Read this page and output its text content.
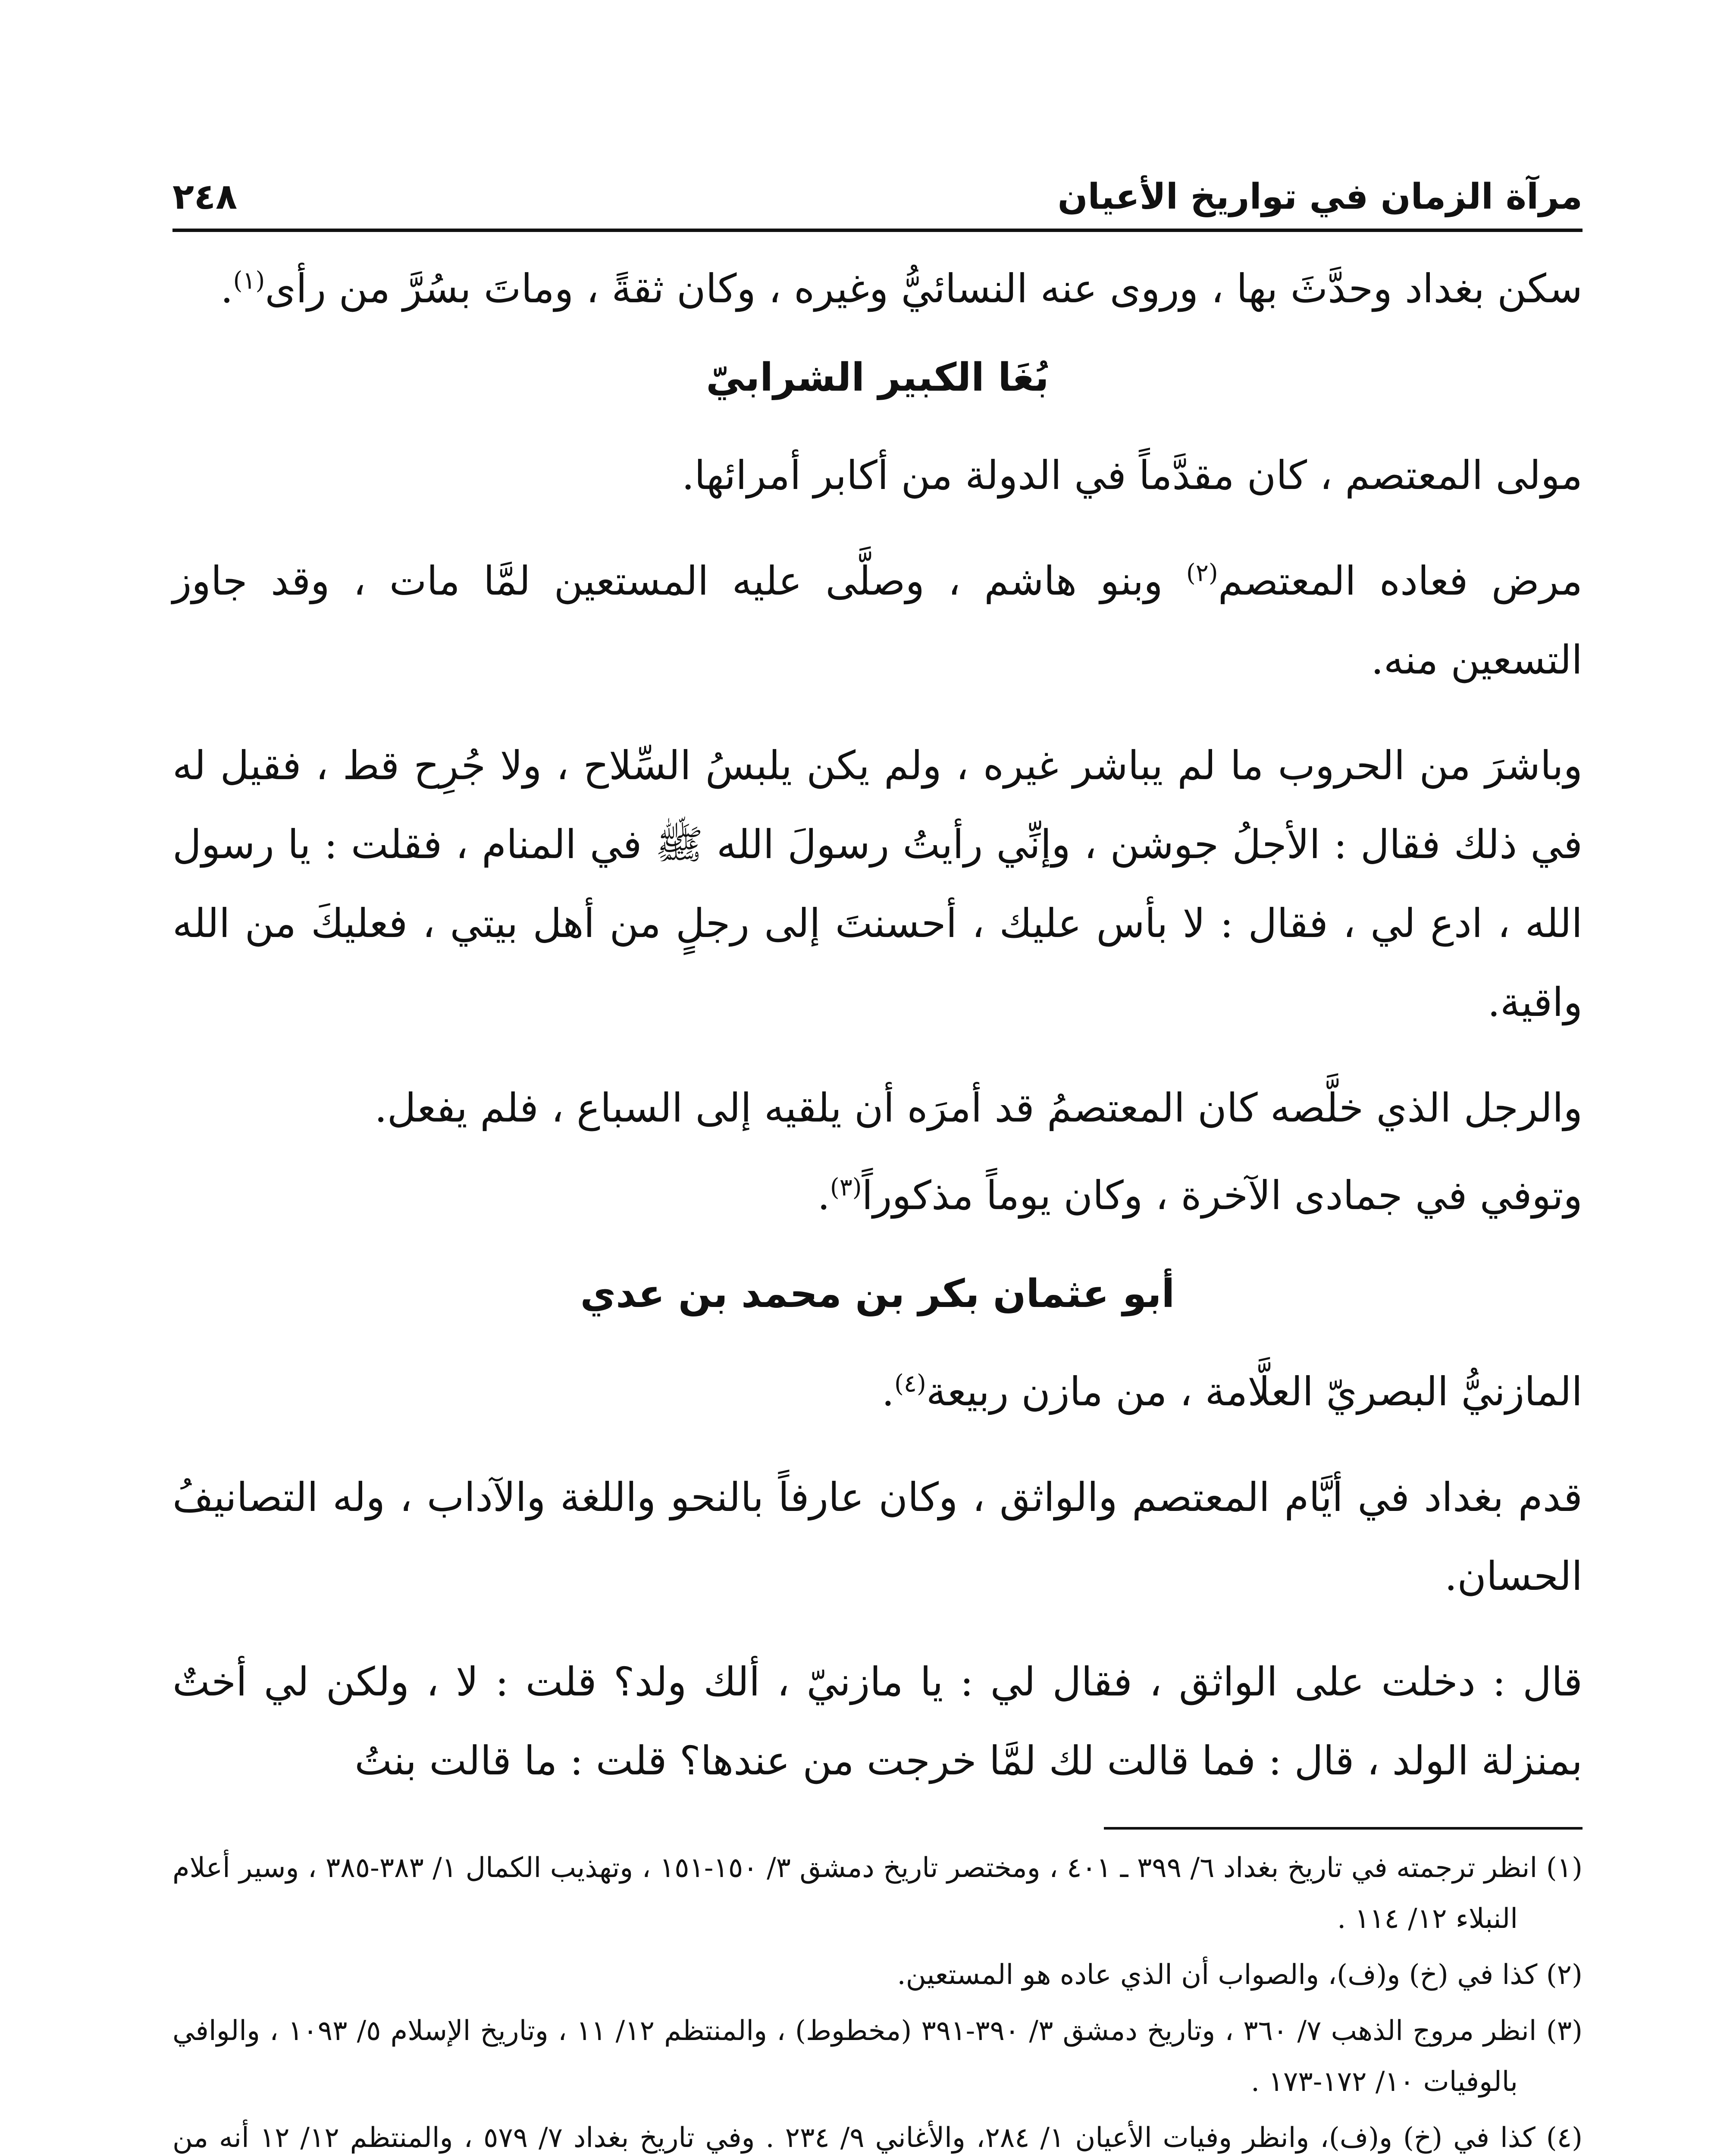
مرآة الزمان في تواريخ الأعيان
٢٤٨

سكن بغداد وحدَّثَ بها ، وروى عنه النسائيُّ وغيره ، وكان ثقةً ، وماتَ بسُرَّ من رأى$^{(١)}$.

بُغَا الكبير الشرابيّ

مولى المعتصم ، كان مقدَّماً في الدولة من أكابر أمرائها.

مرض فعاده المعتصم$^{(٢)}$ وبنو هاشم ، وصلَّى عليه المستعين لمَّا مات ، وقد جاوز التسعين منه.

وباشرَ من الحروب ما لم يباشر غيره ، ولم يكن يلبسُ السِّلاح ، ولا جُرِح قط ، فقيل له في ذلك فقال : الأجلُ جوشن ، وإنِّي رأيتُ رسولَ الله ﷺ في المنام ، فقلت : يا رسول الله ، ادع لي ، فقال : لا بأس عليك ، أحسنتَ إلى رجلٍ من أهل بيتي ، فعليكَ من الله واقية.

والرجل الذي خلَّصه كان المعتصمُ قد أمرَه أن يلقيه إلى السباع ، فلم يفعل.

وتوفي في جمادى الآخرة ، وكان يوماً مذكوراً$^{(٣)}$.

أبو عثمان بكر بن محمد بن عدي

المازنيُّ البصريّ العلَّامة ، من مازن ربيعة$^{(٤)}$.

قدم بغداد في أيَّام المعتصم والواثق ، وكان عارفاً بالنحو واللغة والآداب ، وله التصانيفُ الحسان.

قال : دخلت على الواثق ، فقال لي : يا مازنيّ ، ألك ولد؟ قلت : لا ، ولكن لي أختٌ بمنزلة الولد ، قال : فما قالت لك لمَّا خرجت من عندها؟ قلت : ما قالت بنتُ

(١) انظر ترجمته في تاريخ بغداد ٦/ ٣٩٩ ـ ٤٠١ ، ومختصر تاريخ دمشق ٣/ ١٥٠-١٥١ ، وتهذيب الكمال ١/ ٣٨٣-٣٨٥ ، وسير أعلام النبلاء ١٢/ ١١٤ .
(٢) كذا في (خ) و(ف)، والصواب أن الذي عاده هو المستعين.
(٣) انظر مروج الذهب ٧/ ٣٦٠ ، وتاريخ دمشق ٣/ ٣٩٠-٣٩١ (مخطوط) ، والمنتظم ١٢/ ١١ ، وتاريخ الإسلام ٥/ ١٠٩٣ ، والوافي بالوفيات ١٠/ ١٧٢-١٧٣ .
(٤) كذا في (خ) و(ف)، وانظر وفيات الأعيان ١/ ٢٨٤، والأغاني ٩/ ٢٣٤ . وفي تاريخ بغداد ٧/ ٥٧٩ ، والمنتظم ١٢/ ١٢ أنه من
